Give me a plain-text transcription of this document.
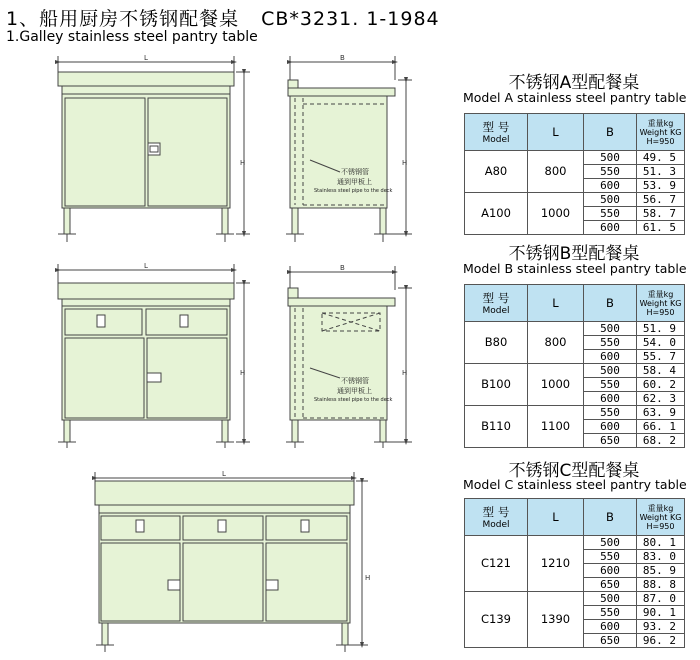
1、船用厨房不锈钢配餐桌 CB*3231. 1-1984
1.Galley stainless steel pantry table
L	B
H	H
L	B
H	H
L
H
不锈钢管
通到甲板上
Stainless steel pipe to the deck
不锈钢管
通到甲板上
Stainless steel pipe to the deck
不锈钢A型配餐桌
Model A stainless steel pantry table
型 号
Model	L	B	重量kg
Weight KG
H=950

A80	800	500	49. 5
		550	51. 3
		600	53. 9
A100	1000	500	56. 7
		550	58. 7
		600	61. 5
不锈钢B型配餐桌
Model B stainless steel pantry table
型 号
Model	L	B	重量kg
Weight KG
H=950

B80	800	500	51. 9
		550	54. 0
		600	55. 7
B100	1000	500	58. 4
		550	60. 2
		600	62. 3
B110	1100	550	63. 9
		600	66. 1
		650	68. 2
不锈钢C型配餐桌
Model C stainless steel pantry table
型 号
Model	L	B	重量kg
Weight KG
H=950

C121	1210	500	80. 1
		550	83. 0
		600	85. 9
		650	88. 8
C139	1390	500	87. 0
		550	90. 1
		600	93. 2
		650	96. 2
